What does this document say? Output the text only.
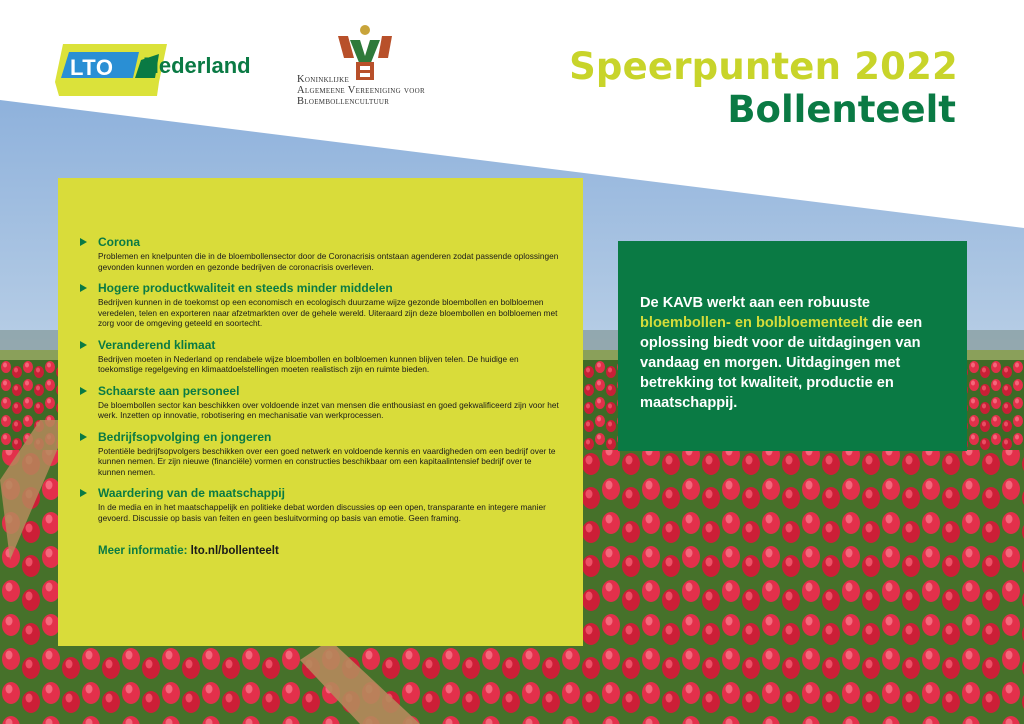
LTO Nederland
Koninklijke
Algemeene Vereeniging voor
Bloembollencultuur
Speerpunten 2022
Bollenteelt
Corona
Problemen en knelpunten die in de bloembollensector door de Coronacrisis ontstaan agenderen zodat passende oplossingen gevonden kunnen worden en gezonde bedrijven de coronacrisis overleven.
Hogere productkwaliteit en steeds minder middelen
Bedrijven kunnen in de toekomst op een economisch en ecologisch duurzame wijze gezonde bloembollen en bolbloemen veredelen, telen en exporteren naar afzetmarkten over de gehele wereld. Uiteraard zijn deze bloembollen en bolbloemen met zorg voor de omgeving geteeld en soortecht.
Veranderend klimaat
Bedrijven moeten in Nederland op rendabele wijze bloembollen en bolbloemen kunnen blijven telen. De huidige en toekomstige regelgeving en klimaatdoelstellingen moeten realistisch zijn en ruimte bieden.
Schaarste aan personeel
De bloembollen sector kan beschikken over voldoende inzet van mensen die enthousiast en goed gekwalificeerd zijn voor het werk. Inzetten op innovatie, robotisering en mechanisatie van werkprocessen.
Bedrijfsopvolging en jongeren
Potentiële bedrijfsopvolgers beschikken over een goed netwerk en voldoende kennis en vaardigheden om een bedrijf over te kunnen nemen. Er zijn nieuwe (financiële) vormen en constructies beschikbaar om een kapitaalintensief bedrijf over te kunnen nemen.
Waardering van de maatschappij
In de media en in het maatschappelijk en politieke debat worden discussies op een open, transparante en integere manier gevoerd. Discussie op basis van feiten en geen besluitvorming op basis van emotie. Geen framing.
Meer informatie: lto.nl/bollenteelt
De KAVB werkt aan een robuuste bloembollen- en bolbloementeelt die een oplossing biedt voor de uitdagingen van vandaag en morgen. Uitdagingen met betrekking tot kwaliteit, productie en maatschappij.
